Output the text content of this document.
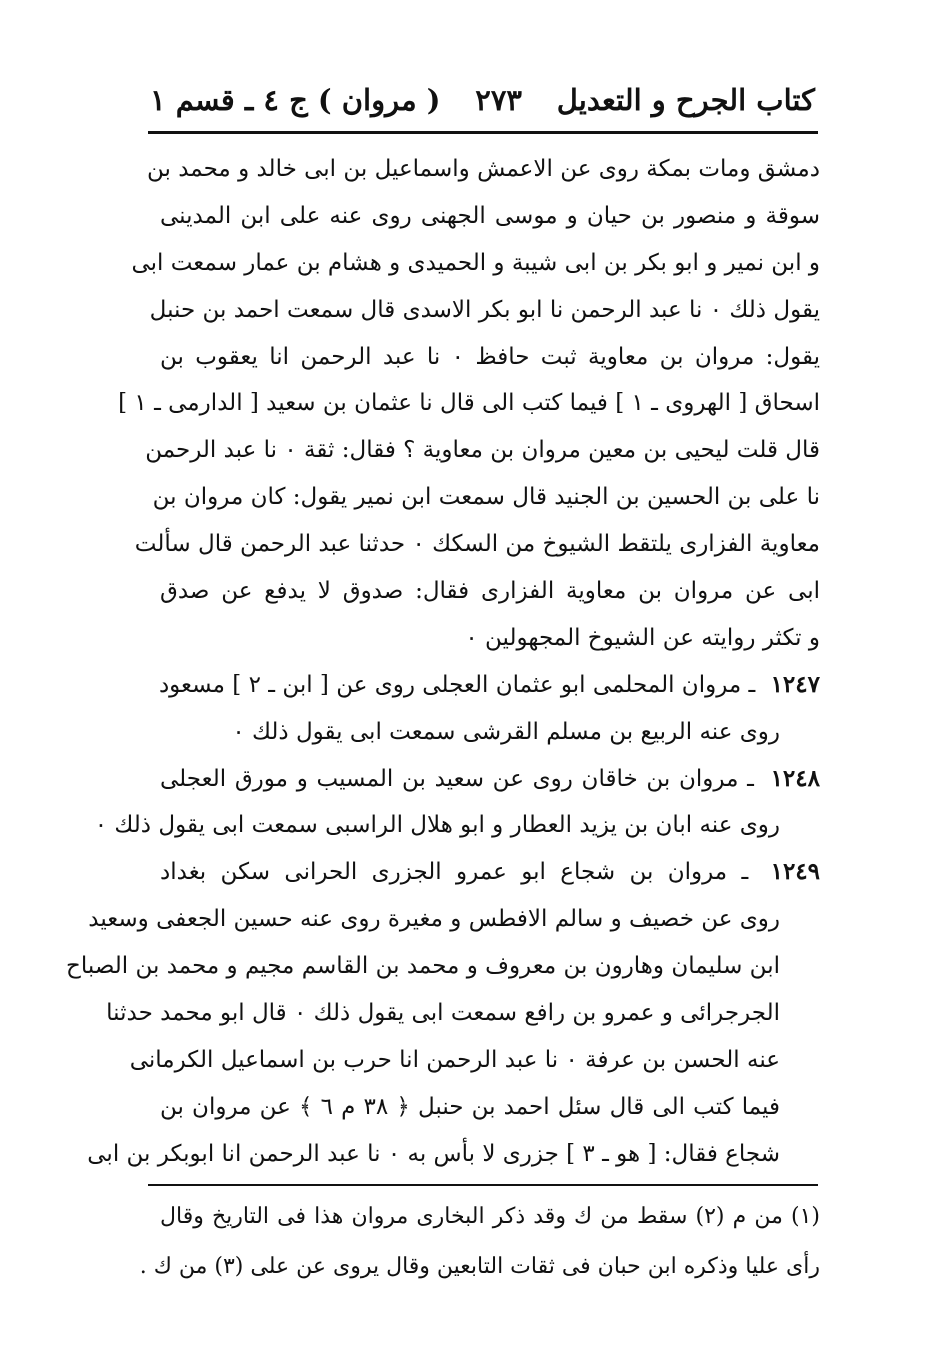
كتاب الجرح و التعديل
٢٧٣
( مروان ) ج ٤ ـ قسم ١
دمشق ومات بمكة روى عن الاعمش واسماعيل بن ابى خالد و محمد بن
سوقة و منصور بن حيان و موسى الجهنى روى عنه على ابن المدينى
و ابن نمير و ابو بكر بن ابى شيبة و الحميدى و هشام بن عمار سمعت ابى
يقول ذلك ٠ نا عبد الرحمن نا ابو بكر الاسدى قال سمعت احمد بن حنبل
يقول: مروان بن معاوية ثبت حافظ ٠ نا عبد الرحمن انا يعقوب بن
اسحاق [ الهروى ـ ١ ] فيما كتب الى قال نا عثمان بن سعيد [ الدارمى ـ ١ ]
قال قلت ليحيى بن معين مروان بن معاوية ؟ فقال: ثقة ٠ نا عبد الرحمن
نا على بن الحسين بن الجنيد قال سمعت ابن نمير يقول: كان مروان بن
معاوية الفزارى يلتقط الشيوخ من السكك ٠ حدثنا عبد الرحمن قال سألت
ابى عن مروان بن معاوية الفزارى فقال: صدوق لا يدفع عن صدق
و تكثر روايته عن الشيوخ المجهولين ٠
١٢٤٧ ـ مروان المحلمى ابو عثمان العجلى روى عن [ ابن ـ ٢ ] مسعود
روى عنه الربيع بن مسلم القرشى سمعت ابى يقول ذلك ٠
١٢٤٨ ـ مروان بن خاقان روى عن سعيد بن المسيب و مورق العجلى
روى عنه ابان بن يزيد العطار و ابو هلال الراسبى سمعت ابى يقول ذلك ٠
١٢٤٩ ـ مروان بن شجاع ابو عمرو الجزرى الحرانى سكن بغداد
روى عن خصيف و سالم الافطس و مغيرة روى عنه حسين الجعفى وسعيد
ابن سليمان وهارون بن معروف و محمد بن القاسم مجيم و محمد بن الصباح
الجرجرائى و عمرو بن رافع سمعت ابى يقول ذلك ٠ قال ابو محمد حدثنا
عنه الحسن بن عرفة ٠ نا عبد الرحمن انا حرب بن اسماعيل الكرمانى
فيما كتب الى قال سئل احمد بن حنبل ﴿ ٣٨ م ٦ ﴾ عن مروان بن
شجاع فقال: [ هو ـ ٣ ] جزرى لا بأس به ٠ نا عبد الرحمن انا ابوبكر بن ابى
(١) من م (٢) سقط من ك وقد ذكر البخارى مروان هذا فى التاريخ وقال
رأى عليا وذكره ابن حبان فى ثقات التابعين وقال يروى عن على (٣) من ك .
